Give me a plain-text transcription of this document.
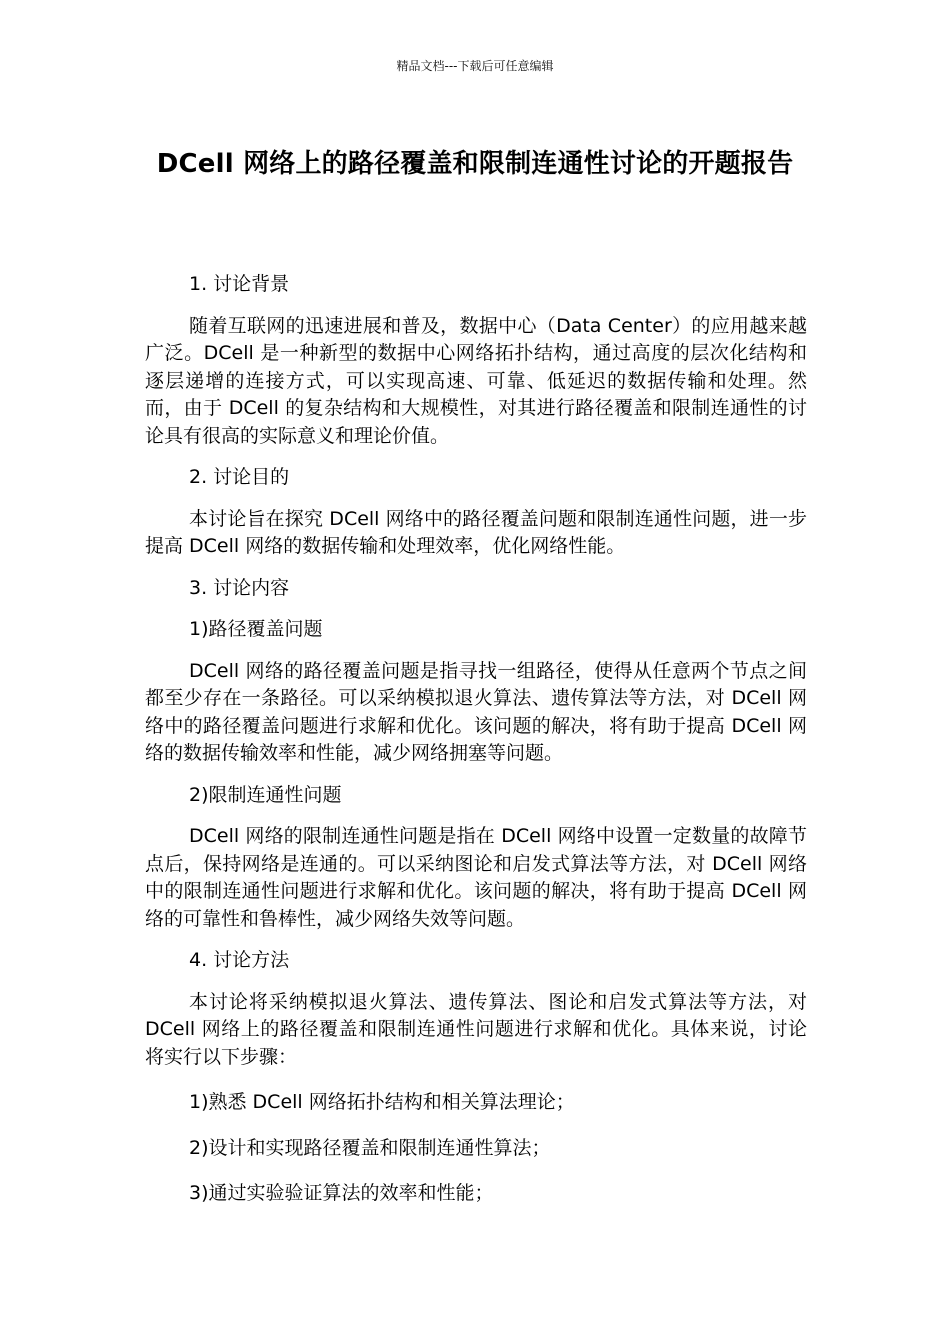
精品文档---下载后可任意编辑
DCell 网络上的路径覆盖和限制连通性讨论的开题报告

1. 讨论背景

随着互联网的迅速进展和普及，数据中心（Data Center）的应用越来越广泛。DCell 是一种新型的数据中心网络拓扑结构，通过高度的层次化结构和逐层递增的连接方式，可以实现高速、可靠、低延迟的数据传输和处理。然而，由于 DCell 的复杂结构和大规模性，对其进行路径覆盖和限制连通性的讨论具有很高的实际意义和理论价值。

2. 讨论目的

本讨论旨在探究 DCell 网络中的路径覆盖问题和限制连通性问题，进一步提高 DCell 网络的数据传输和处理效率，优化网络性能。

3. 讨论内容

1)路径覆盖问题

DCell 网络的路径覆盖问题是指寻找一组路径，使得从任意两个节点之间都至少存在一条路径。可以采纳模拟退火算法、遗传算法等方法，对 DCell 网络中的路径覆盖问题进行求解和优化。该问题的解决，将有助于提高 DCell 网络的数据传输效率和性能，减少网络拥塞等问题。

2)限制连通性问题

DCell 网络的限制连通性问题是指在 DCell 网络中设置一定数量的故障节点后，保持网络是连通的。可以采纳图论和启发式算法等方法，对 DCell 网络中的限制连通性问题进行求解和优化。该问题的解决，将有助于提高 DCell 网络的可靠性和鲁棒性，减少网络失效等问题。

4. 讨论方法

本讨论将采纳模拟退火算法、遗传算法、图论和启发式算法等方法，对 DCell 网络上的路径覆盖和限制连通性问题进行求解和优化。具体来说，讨论将实行以下步骤：

1)熟悉 DCell 网络拓扑结构和相关算法理论；

2)设计和实现路径覆盖和限制连通性算法；

3)通过实验验证算法的效率和性能；
